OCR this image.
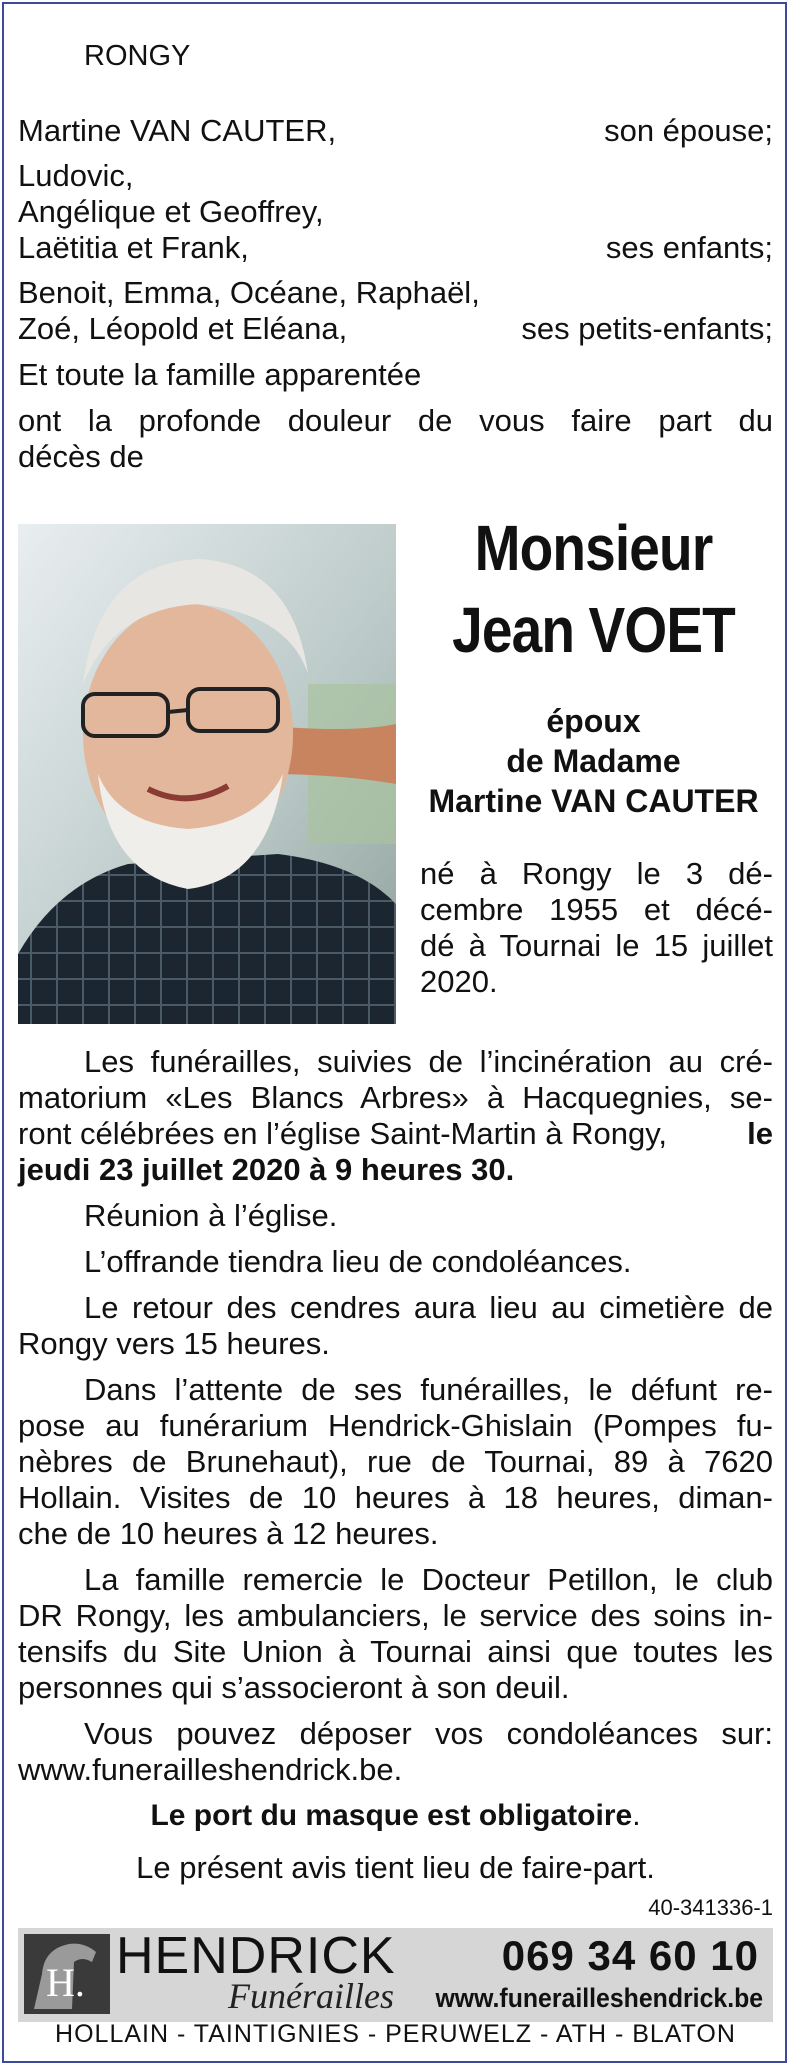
RONGY
Martine VAN CAUTER,	son épouse;
Ludovic,
Angélique et Geoffrey,
Laëtitia et Frank,	ses enfants;
Benoit, Emma, Océane, Raphaël,
Zoé, Léopold et Eléana,	ses petits-enfants;
Et toute la famille apparentée
ont la profonde douleur de vous faire part du
décès de
Monsieur
Jean VOET
époux
de Madame
Martine VAN CAUTER
né à Rongy le 3 dé-
cembre 1955 et décé-
dé à Tournai le 15 juillet
2020.
Les funérailles, suivies de l’incinération au cré-
matorium «Les Blancs Arbres» à Hacquegnies, se-
ront célébrées en l’église Saint-Martin à Rongy,	le
jeudi 23 juillet 2020 à 9 heures 30.
Réunion à l’église.
L’offrande tiendra lieu de condoléances.
Le retour des cendres aura lieu au cimetière de
Rongy vers 15 heures.
Dans l’attente de ses funérailles, le défunt re-
pose au funérarium Hendrick-Ghislain (Pompes fu-
nèbres de Brunehaut), rue de Tournai, 89 à 7620
Hollain. Visites de 10 heures à 18 heures, diman-
che de 10 heures à 12 heures.
La famille remercie le Docteur Petillon, le club
DR Rongy, les ambulanciers, le service des soins in-
tensifs du Site Union à Tournai ainsi que toutes les
personnes qui s’associeront à son deuil.
Vous pouvez déposer vos condoléances sur:
www.funerailleshendrick.be.
Le port du masque est obligatoire.
Le présent avis tient lieu de faire-part.
40-341336-1
H. HENDRICK
Funérailles
069 34 60 10
www.funerailleshendrick.be
HOLLAIN - TAINTIGNIES - PERUWELZ - ATH - BLATON
